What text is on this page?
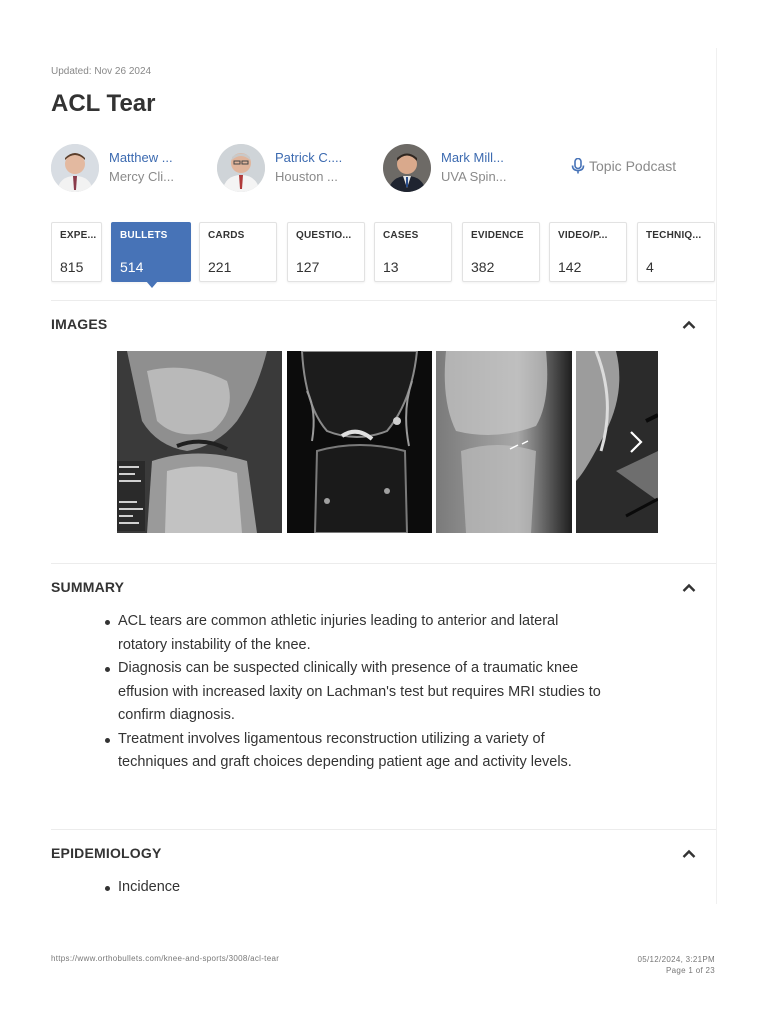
Updated: Nov 26 2024
ACL Tear
Matthew ...
Mercy Cli...
Patrick C....
Houston ...
Mark Mill...
UVA Spin...
Topic Podcast
EXPE...
815
BULLETS
514
CARDS
221
QUESTIO...
127
CASES
13
EVIDENCE
382
VIDEO/P...
142
TECHNIQ...
4
IMAGES
SUMMARY
ACL tears are common athletic injuries leading to anterior and lateral rotatory instability of the knee.
Diagnosis can be suspected clinically with presence of a traumatic knee effusion with increased laxity on Lachman's test but requires MRI studies to confirm diagnosis.
Treatment involves ligamentous reconstruction utilizing a variety of techniques and graft choices depending patient age and activity levels.
EPIDEMIOLOGY
Incidence
https://www.orthobullets.com/knee-and-sports/3008/acl-tear	05/12/2024, 3:21PM
Page 1 of 23
